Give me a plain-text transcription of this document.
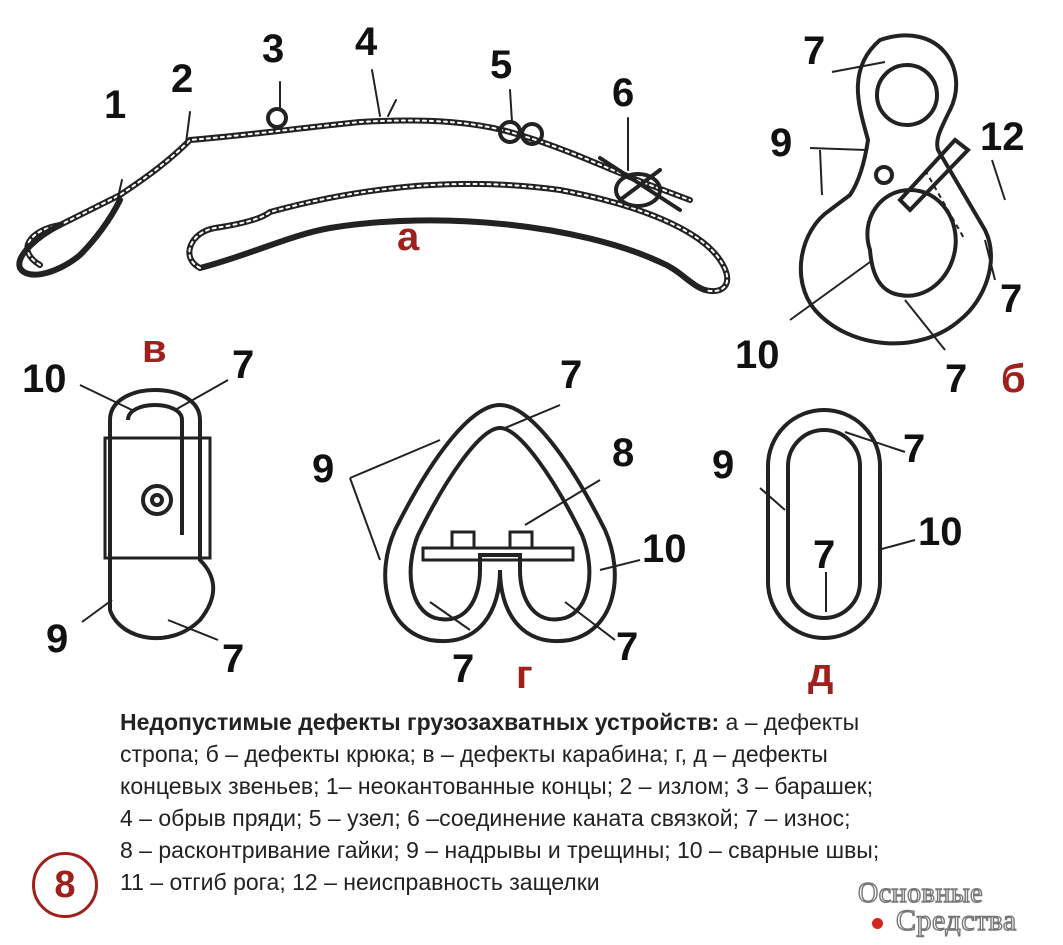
1
2
3 4
5
6
а
7
9	12
7
10
7 б
10	7
9	7
в
7
9	8
10
7	7
г
9	7
10
7
д
Недопустимые дефекты грузозахватных устройств: а – дефекты
стропа; б – дефекты крюка; в – дефекты карабина; г, д – дефекты
концевых звеньев; 1– неокантованные концы; 2 – излом; 3 – барашек;
4 – обрыв пряди; 5 – узел; 6 –соединение каната связкой; 7 – износ;
8 – расконтривание гайки; 9 – надрывы и трещины; 10 – сварные швы;
11 – отгиб рога; 12 – неисправность защелки
8	Основные
Средства
